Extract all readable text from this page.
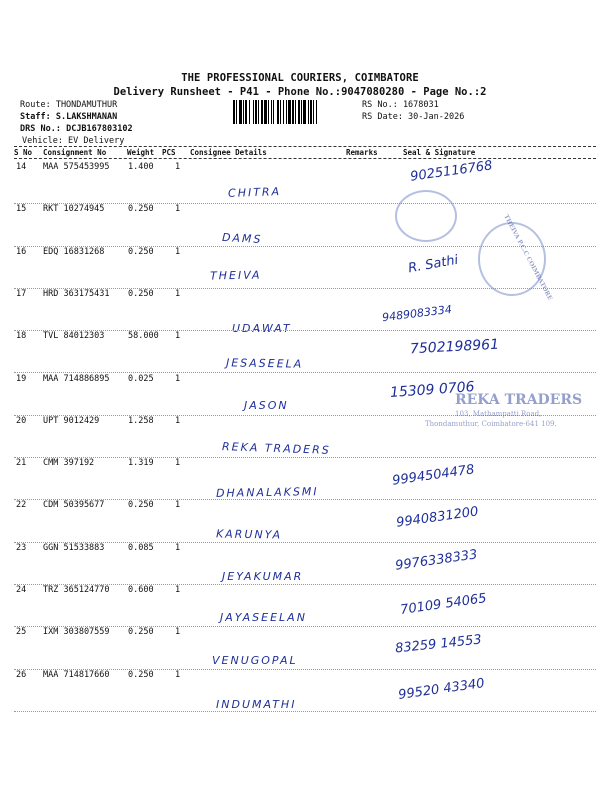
THE PROFESSIONAL COURIERS, COIMBATORE
Delivery Runsheet - P41 - Phone No.:9047080280 - Page No.:2
Route: THONDAMUTHUR
Staff: S.LAKSHMANAN
DRS No.: DCJB167803102
Vehicle: EV Delivery
RS No.: 1678031
RS Date: 30-Jan-2026
S No Consignment No	Weight PCS Consignee Details	Remarks	Seal & Signature
14 MAA 575453995 1.400	1
CHITRA
9025116768
15 RKT 10274945	0.250	1
DAMS
16 EDQ 16831268	0.250	1
THEIVA	R. Sathi
17 HRD 363175431 0.250	1
UDAWAT
9489083334
18 TVL 84012303	58.000 1
JESASEELA
7502198961
19 MAA 714886895 0.025	1
JASON
15309 0706
20 UPT 9012429	1.258	1
REKA TRADERS
21 CMM 397192	1.319	1
DHANALAKSMI
9994504478
22 CDM 50395677	0.250	1
KARUNYA
9940831200
23 GGN 51533883	0.085	1
JEYAKUMAR
9976338333
24 TRZ 365124770 0.600	1
JAYASEELAN	70109 54065
25 IXM 303807559 0.250	1
VENUGOPAL
83259 14553
26 MAA 714817660 0.250	1
INDUMATHI
99520 43340
THEIVA P.C.C COIMBATORE
REKA TRADERS
103, Mathampatti Road,
Thondamuthur, Coimbatore-641 109.
